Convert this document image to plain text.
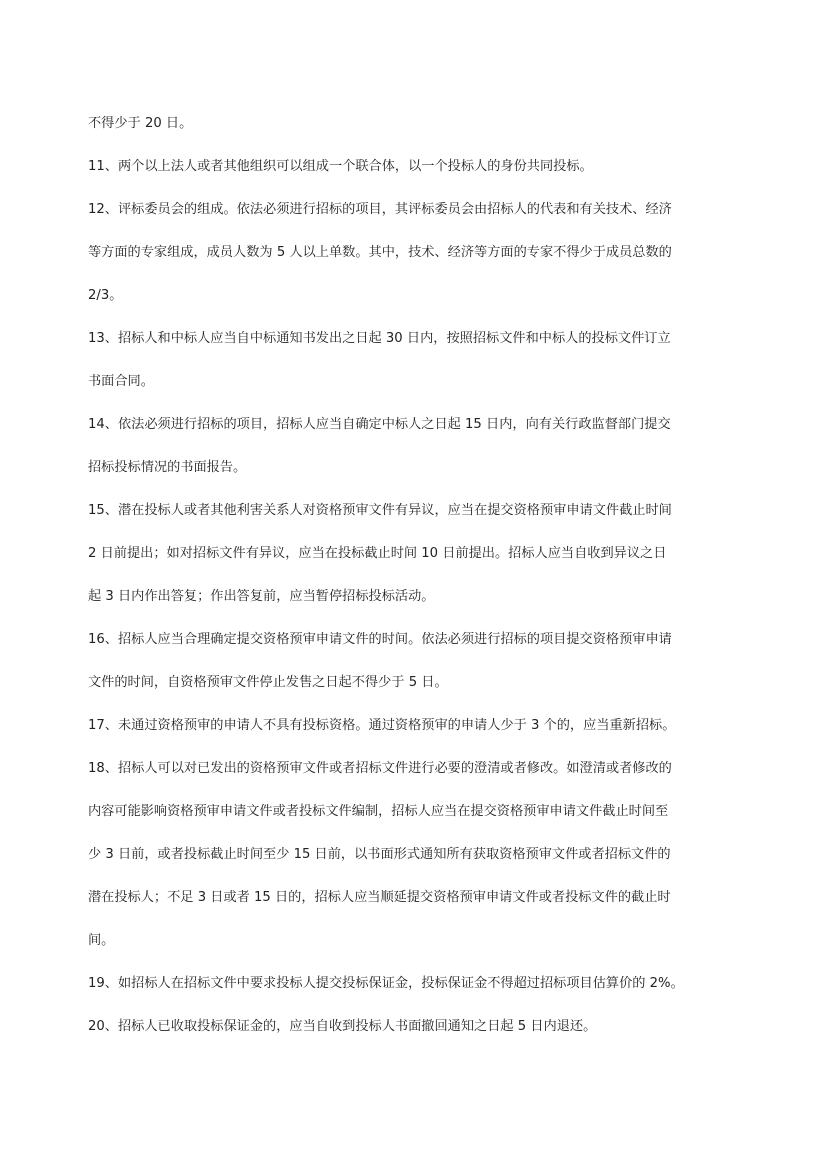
不得少于 20 日。
11、两个以上法人或者其他组织可以组成一个联合体，以一个投标人的身份共同投标。
12、评标委员会的组成。依法必须进行招标的项目，其评标委员会由招标人的代表和有关技术、经济
等方面的专家组成，成员人数为 5 人以上单数。其中，技术、经济等方面的专家不得少于成员总数的
2/3。
13、招标人和中标人应当自中标通知书发出之日起 30 日内，按照招标文件和中标人的投标文件订立
书面合同。
14、依法必须进行招标的项目，招标人应当自确定中标人之日起 15 日内，向有关行政监督部门提交
招标投标情况的书面报告。
15、潜在投标人或者其他利害关系人对资格预审文件有异议，应当在提交资格预审申请文件截止时间
2 日前提出；如对招标文件有异议，应当在投标截止时间 10 日前提出。招标人应当自收到异议之日
起 3 日内作出答复；作出答复前，应当暂停招标投标活动。
16、招标人应当合理确定提交资格预审申请文件的时间。依法必须进行招标的项目提交资格预审申请
文件的时间，自资格预审文件停止发售之日起不得少于 5 日。
17、未通过资格预审的申请人不具有投标资格。通过资格预审的申请人少于 3 个的，应当重新招标。
18、招标人可以对已发出的资格预审文件或者招标文件进行必要的澄清或者修改。如澄清或者修改的
内容可能影响资格预审申请文件或者投标文件编制，招标人应当在提交资格预审申请文件截止时间至
少 3 日前，或者投标截止时间至少 15 日前，以书面形式通知所有获取资格预审文件或者招标文件的
潜在投标人；不足 3 日或者 15 日的，招标人应当顺延提交资格预审申请文件或者投标文件的截止时
间。
19、如招标人在招标文件中要求投标人提交投标保证金，投标保证金不得超过招标项目估算价的 2%。
20、招标人已收取投标保证金的，应当自收到投标人书面撤回通知之日起 5 日内退还。
